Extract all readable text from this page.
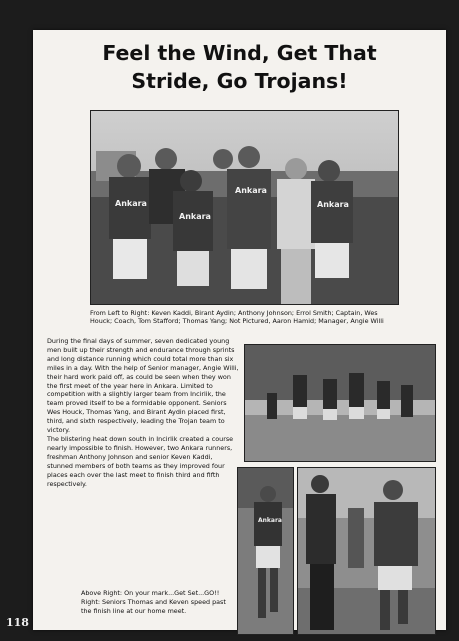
Feel the Wind, Get That
Stride, Go Trojans!
Ankara
Ankara
Ankara
Ankara

From Left to Right: Keven Kaddi, Birant Aydin; Anthony Johnson; Errol Smith; Captain, Wes Houck; Coach, Tom Stafford; Thomas Yang; Not Pictured, Aaron Hamid; Manager, Angie Willi

During the final days of summer, seven dedicated young men built up their strength and endurance through sprints and long distance running which could total more than six miles in a day. With the help of Senior manager, Angie Willi, their hard work paid off, as could be seen when they won the first meet of the year here in Ankara. Limited to competition with a slightly larger team from Incirlik, the team proved itself to be a formidable opponent. Seniors Wes Houck, Thomas Yang, and Birant Aydin placed first, third, and sixth respectively, leading the Trojan team to victory.

The blistering heat down south in Incirlik created a course nearly impossible to finish. However, two Ankara runners, freshman Anthony Johnson and senior Keven Kaddi, stunned members of both teams as they improved four places each over the last meet to finish third and fifth respectively.

Ankara

Above Right: On your mark...Get Set...GO!!

Right: Seniors Thomas and Keven speed past the finish line at our home meet.

118
